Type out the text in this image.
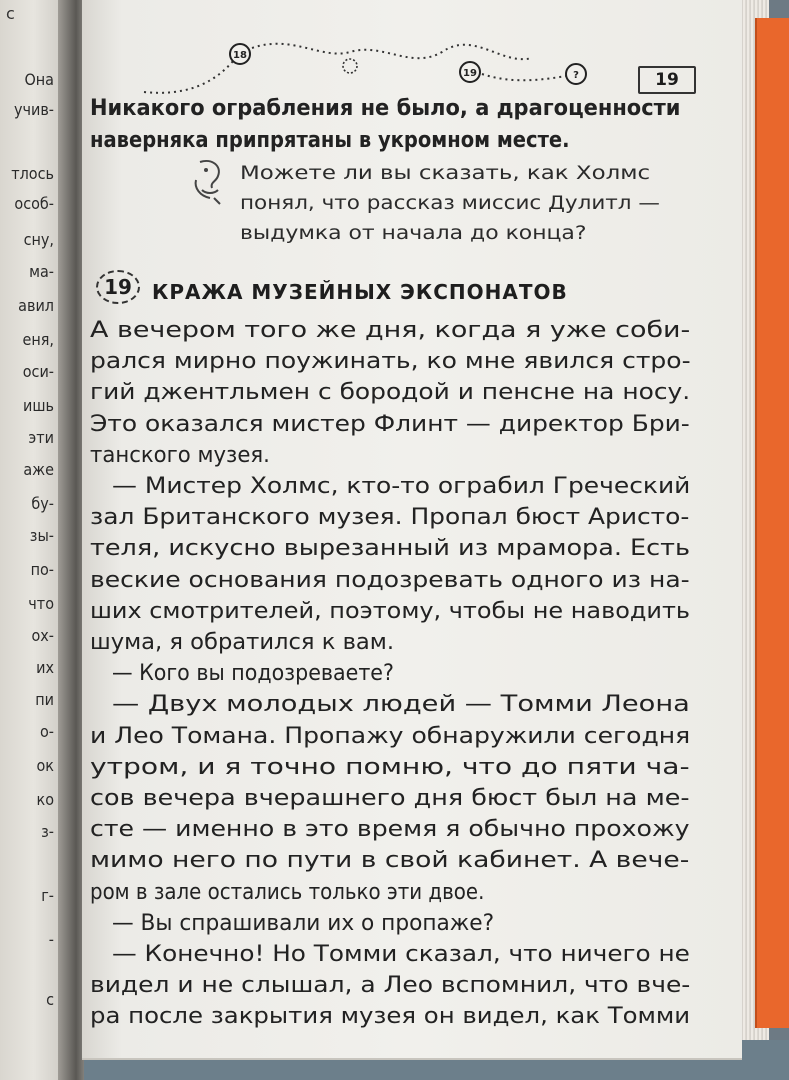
c
Она
учив-
тлось
особ-
сну,
ма-
авил
еня,
оси-
ишь
эти
аже
бу-
зы-
по-
что
ох-
их
пи
о-
ок
ко
з-
г-
-
с
18
19	?	19
Никакого ограбления не было, а драгоценности
наверняка припрятаны в укромном месте.
Можете ли вы сказать, как Холмс
понял, что рассказ миссис Дулитл —
выдумка от начала до конца?
19	КРАЖА МУЗЕЙНЫХ ЭКСПОНАТОВ
А вечером того же дня, когда я уже соби-
рался мирно поужинать, ко мне явился стро-
гий джентльмен с бородой и пенсне на носу.
Это оказался мистер Флинт — директор Бри-
танского музея.
— Мистер Холмс, кто-то ограбил Греческий
зал Британского музея. Пропал бюст Аристо-
теля, искусно вырезанный из мрамора. Есть
веские основания подозревать одного из на-
ших смотрителей, поэтому, чтобы не наводить
шума, я обратился к вам.
— Кого вы подозреваете?
— Двух молодых людей — Томми Леона
и Лео Томана. Пропажу обнаружили сегодня
утром, и я точно помню, что до пяти ча-
сов вечера вчерашнего дня бюст был на ме-
сте — именно в это время я обычно прохожу
мимо него по пути в свой кабинет. А вече-
ром в зале остались только эти двое.
— Вы спрашивали их о пропаже?
— Конечно! Но Томми сказал, что ничего не
видел и не слышал, а Лео вспомнил, что вче-
ра после закрытия музея он видел, как Томми
